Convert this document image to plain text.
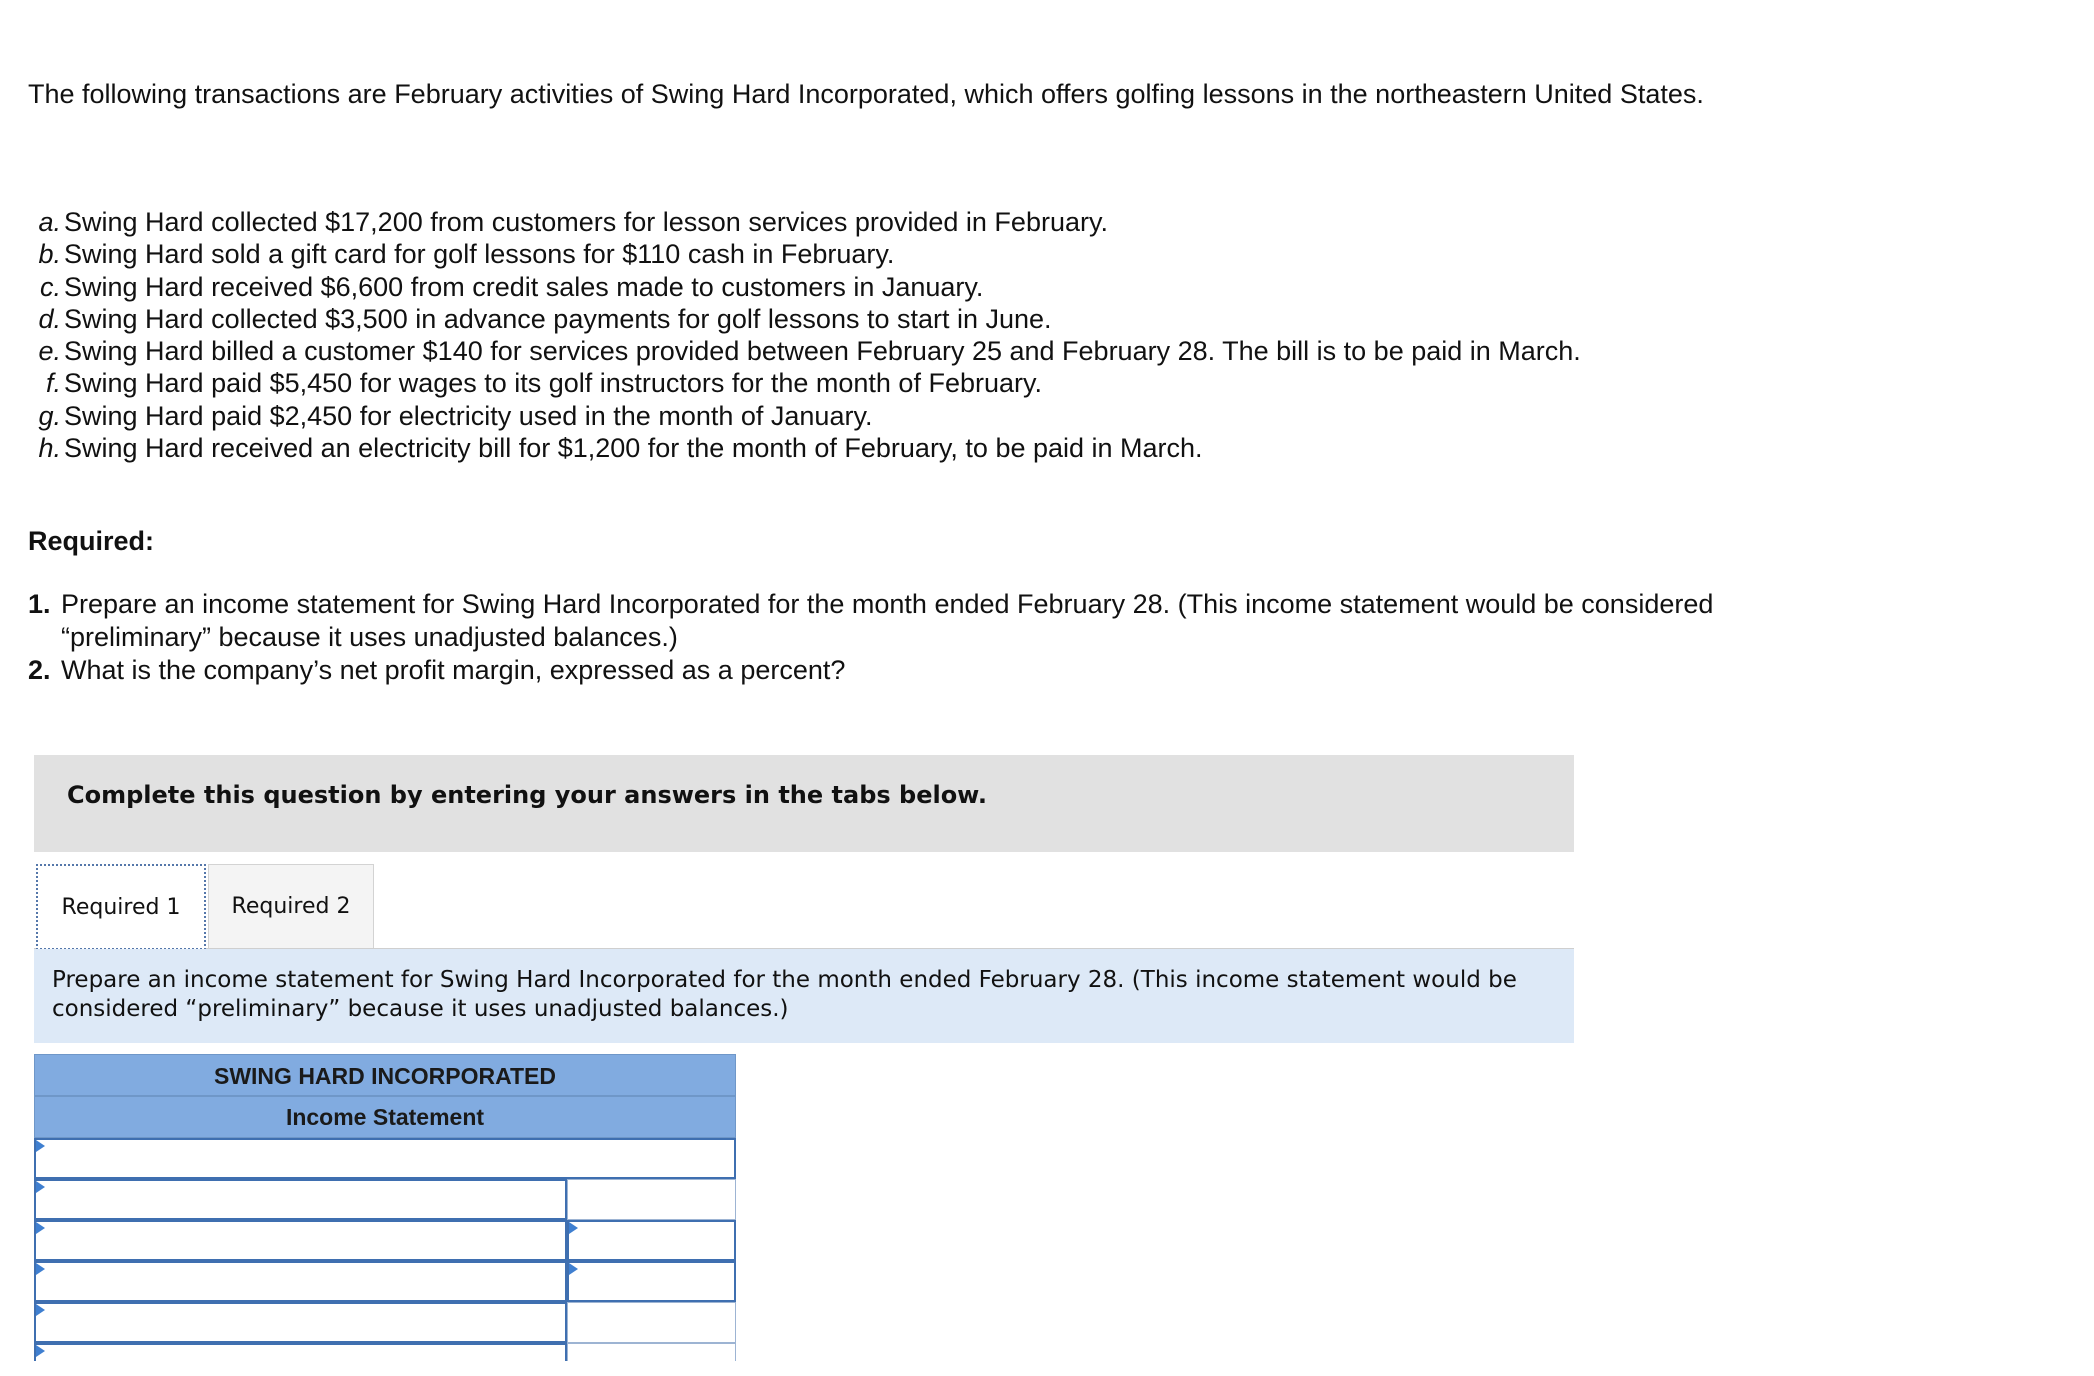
The following transactions are February activities of Swing Hard Incorporated, which offers golfing lessons in the northeastern United States.
a. Swing Hard collected $17,200 from customers for lesson services provided in February.
b. Swing Hard sold a gift card for golf lessons for $110 cash in February.
c. Swing Hard received $6,600 from credit sales made to customers in January.
d. Swing Hard collected $3,500 in advance payments for golf lessons to start in June.
e. Swing Hard billed a customer $140 for services provided between February 25 and February 28. The bill is to be paid in March.
f. Swing Hard paid $5,450 for wages to its golf instructors for the month of February.
g. Swing Hard paid $2,450 for electricity used in the month of January.
h. Swing Hard received an electricity bill for $1,200 for the month of February, to be paid in March.
Required:
1. Prepare an income statement for Swing Hard Incorporated for the month ended February 28. (This income statement would be considered “preliminary” because it uses unadjusted balances.)
2. What is the company’s net profit margin, expressed as a percent?
Complete this question by entering your answers in the tabs below.
Required 1 Required 2
Prepare an income statement for Swing Hard Incorporated for the month ended February 28. (This income statement would be considered “preliminary” because it uses unadjusted balances.)
SWING HARD INCORPORATED
Income Statement
